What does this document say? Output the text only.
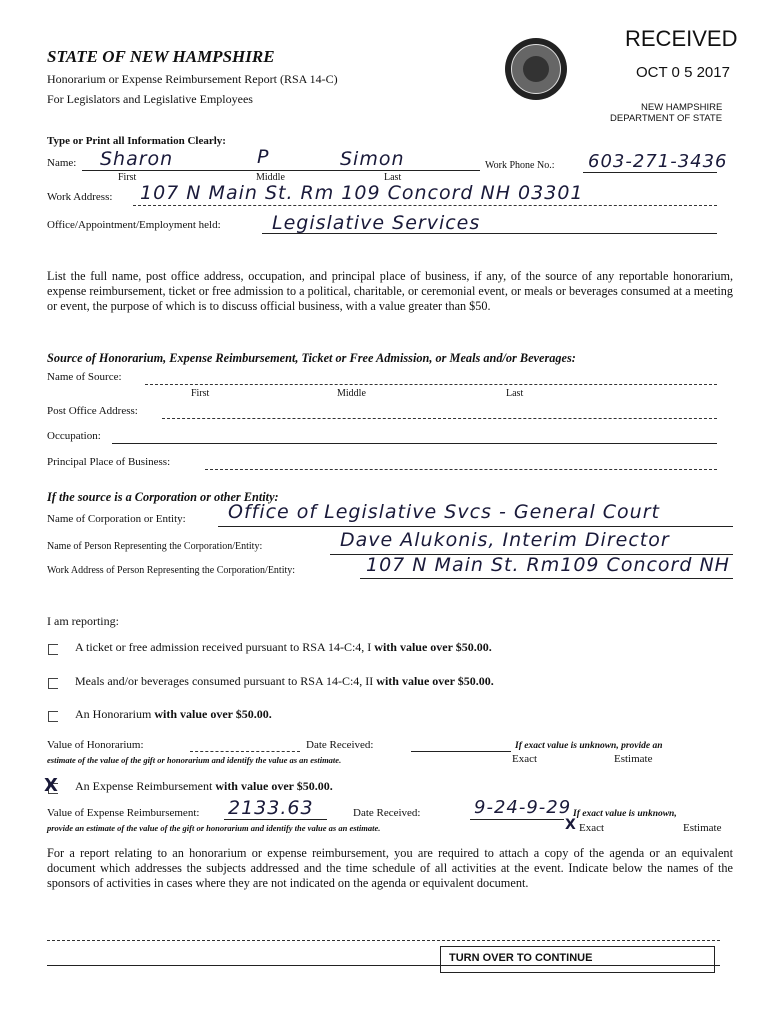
RECEIVED
OCT 0 5 2017
NEW HAMPSHIRE
DEPARTMENT OF STATE
STATE OF NEW HAMPSHIRE
Honorarium or Expense Reimbursement Report (RSA 14-C)
For Legislators and Legislative Employees
Type or Print all Information Clearly:
Name: Sharon	P	Simon
First	Middle	Last
Work Phone No.: 603-271-3436
Work Address: 107 N Main St. Rm 109 Concord NH 03301
Office/Appointment/Employment held:	Legislative Services
List the full name, post office address, occupation, and principal place of business, if any, of the source of any reportable honorarium, expense reimbursement, ticket or free admission to a political, charitable, or ceremonial event, or meals or beverages consumed at a meeting or event, the purpose of which is to discuss official business, with a value greater than $50.
Source of Honorarium, Expense Reimbursement, Ticket or Free Admission, or Meals and/or Beverages:
Name of Source:
First	Middle	Last
Post Office Address:
Occupation:
Principal Place of Business:
If the source is a Corporation or other Entity:
Name of Corporation or Entity: Office of Legislative Svcs - General Court
Name of Person Representing the Corporation/Entity:	Dave Alukonis, Interim Director
Work Address of Person Representing the Corporation/Entity:	107 N Main St. Rm109 Concord NH
I am reporting:
A ticket or free admission received pursuant to RSA 14-C:4, I with value over $50.00.
Meals and/or beverages consumed pursuant to RSA 14-C:4, II with value over $50.00.
An Honorarium with value over $50.00.
Value of Honorarium:	Date Received:	If exact value is unknown, provide an
estimate of the value of the gift or honorarium and identify the value as an estimate.	Exact	Estimate
X An Expense Reimbursement with value over $50.00.
Value of Expense Reimbursement: 2133.63	Date Received:	9-24-9-29 If exact value is unknown,
provide an estimate of the value of the gift or honorarium and identify the value as an estimate.	X Exact	Estimate
For a report relating to an honorarium or expense reimbursement, you are required to attach a copy of the agenda or an equivalent document which addresses the subjects addressed and the time schedule of all activities at the event. Indicate below the names of the sponsors of activities in cases where they are not indicated on the agenda or equivalent document.
TURN OVER TO CONTINUE
